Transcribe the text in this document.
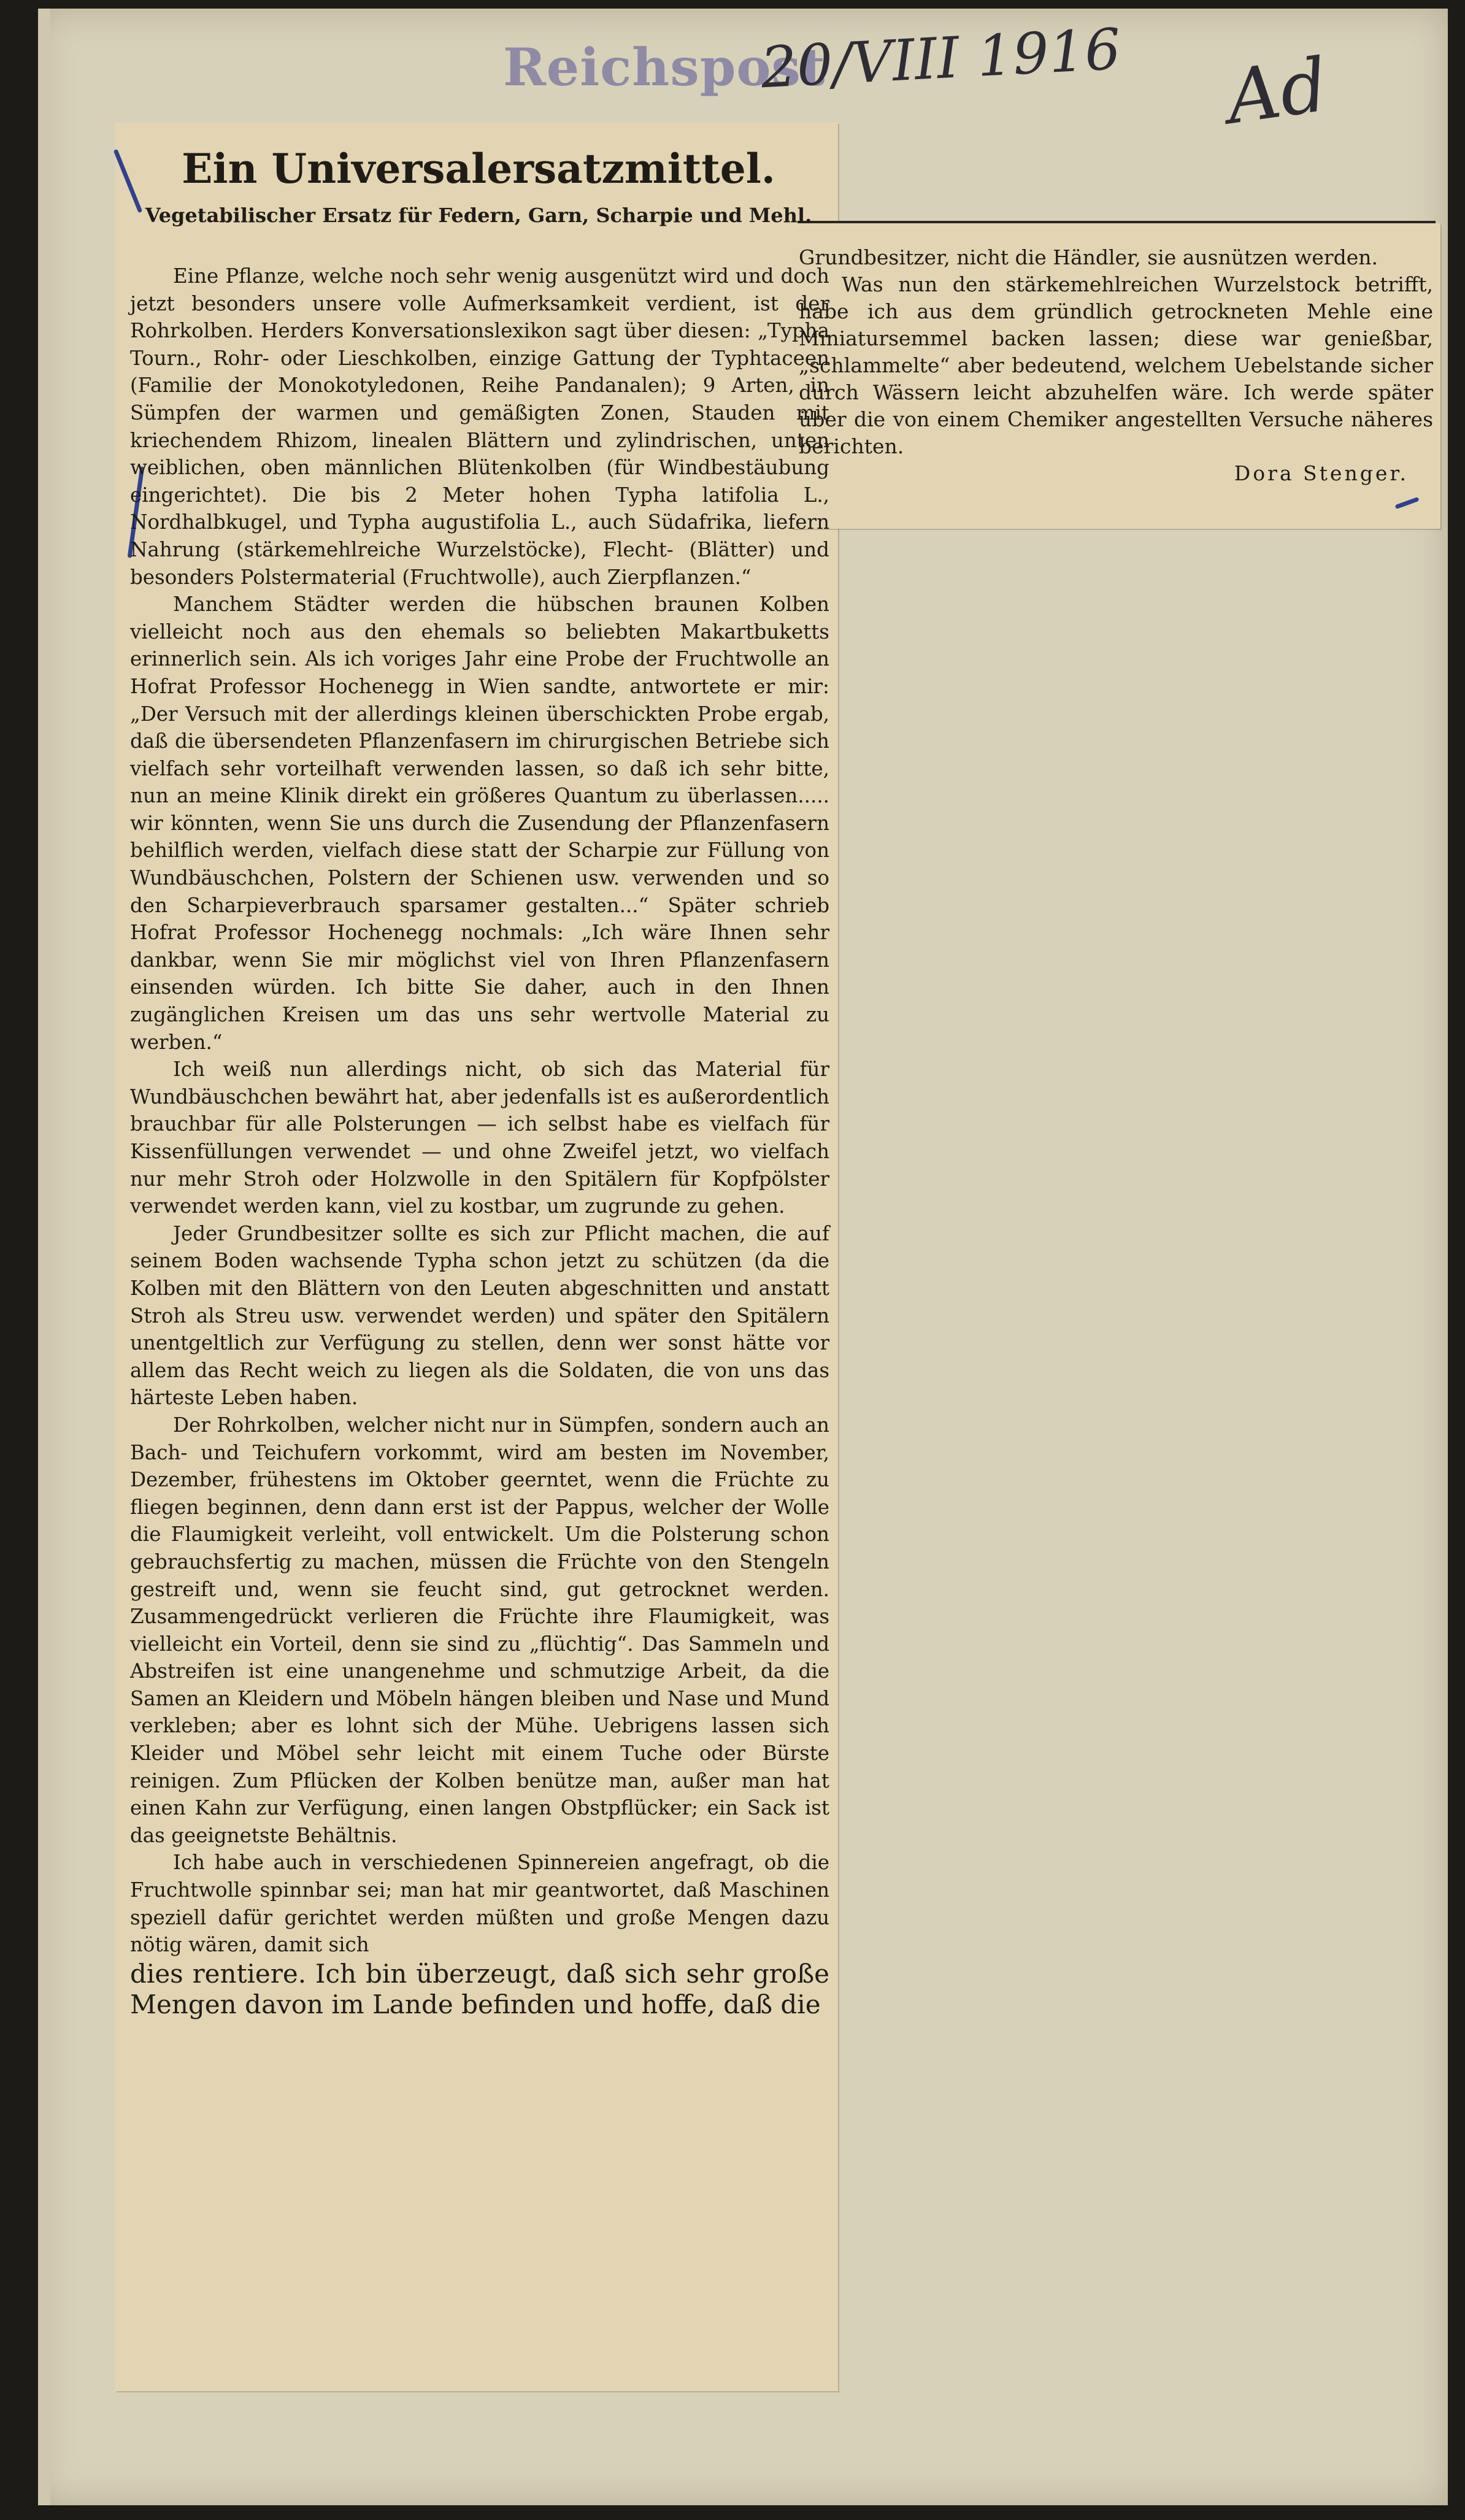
Reichspost
20/VIII 1916 Ad
Ein Universalersatzmittel.
Vegetabilischer Ersatz für Federn, Garn, Scharpie und Mehl.

Eine Pflanze, welche noch sehr wenig ausgenützt wird und doch jetzt besonders unsere volle Aufmerksamkeit verdient, ist der Rohrkolben. Herders Konversationslexikon sagt über diesen: „Typha Tourn., Rohr- oder Lieschkolben, einzige Gattung der Typhtaceen (Familie der Monokotyledonen, Reihe Pandanalen); 9 Arten, in Sümpfen der warmen und gemäßigten Zonen, Stauden mit kriechendem Rhizom, linealen Blättern und zylindrischen, unten weiblichen, oben männlichen Blütenkolben (für Windbestäubung eingerichtet). Die bis 2 Meter hohen Typha latifolia L., Nordhalbkugel, und Typha augustifolia L., auch Südafrika, liefern Nahrung (stärkemehlreiche Wurzelstöcke), Flecht- (Blätter) und besonders Polstermaterial (Fruchtwolle), auch Zierpflanzen.“

Manchem Städter werden die hübschen braunen Kolben vielleicht noch aus den ehemals so beliebten Makartbuketts erinnerlich sein. Als ich voriges Jahr eine Probe der Fruchtwolle an Hofrat Professor Hochenegg in Wien sandte, antwortete er mir: „Der Versuch mit der allerdings kleinen überschickten Probe ergab, daß die übersendeten Pflanzenfasern im chirurgischen Betriebe sich vielfach sehr vorteilhaft verwenden lassen, so daß ich sehr bitte, nun an meine Klinik direkt ein größeres Quantum zu überlassen..... wir könnten, wenn Sie uns durch die Zusendung der Pflanzenfasern behilflich werden, vielfach diese statt der Scharpie zur Füllung von Wundbäuschchen, Polstern der Schienen usw. verwenden und so den Scharpieverbrauch sparsamer gestalten...“ Später schrieb Hofrat Professor Hochenegg nochmals: „Ich wäre Ihnen sehr dankbar, wenn Sie mir möglichst viel von Ihren Pflanzenfasern einsenden würden. Ich bitte Sie daher, auch in den Ihnen zugänglichen Kreisen um das uns sehr wertvolle Material zu werben.“

Ich weiß nun allerdings nicht, ob sich das Material für Wundbäuschchen bewährt hat, aber jedenfalls ist es außerordentlich brauchbar für alle Polsterungen — ich selbst habe es vielfach für Kissenfüllungen verwendet — und ohne Zweifel jetzt, wo vielfach nur mehr Stroh oder Holzwolle in den Spitälern für Kopfpölster verwendet werden kann, viel zu kostbar, um zugrunde zu gehen.

Jeder Grundbesitzer sollte es sich zur Pflicht machen, die auf seinem Boden wachsende Typha schon jetzt zu schützen (da die Kolben mit den Blättern von den Leuten abgeschnitten und anstatt Stroh als Streu usw. verwendet werden) und später den Spitälern unentgeltlich zur Verfügung zu stellen, denn wer sonst hätte vor allem das Recht weich zu liegen als die Soldaten, die von uns das härteste Leben haben.

Der Rohrkolben, welcher nicht nur in Sümpfen, sondern auch an Bach- und Teichufern vorkommt, wird am besten im November, Dezember, frühestens im Oktober geerntet, wenn die Früchte zu fliegen beginnen, denn dann erst ist der Pappus, welcher der Wolle die Flaumigkeit verleiht, voll entwickelt. Um die Polsterung schon gebrauchsfertig zu machen, müssen die Früchte von den Stengeln gestreift und, wenn sie feucht sind, gut getrocknet werden. Zusammengedrückt verlieren die Früchte ihre Flaumigkeit, was vielleicht ein Vorteil, denn sie sind zu „flüchtig“. Das Sammeln und Abstreifen ist eine unangenehme und schmutzige Arbeit, da die Samen an Kleidern und Möbeln hängen bleiben und Nase und Mund verkleben; aber es lohnt sich der Mühe. Uebrigens lassen sich Kleider und Möbel sehr leicht mit einem Tuche oder Bürste reinigen. Zum Pflücken der Kolben benütze man, außer man hat einen Kahn zur Verfügung, einen langen Obstpflücker; ein Sack ist das geeignetste Behältnis.

Ich habe auch in verschiedenen Spinnereien angefragt, ob die Fruchtwolle spinnbar sei; man hat mir geantwortet, daß Maschinen speziell dafür gerichtet werden müßten und große Mengen dazu nötig wären, damit sich

dies rentiere. Ich bin überzeugt, daß sich sehr große Mengen davon im Lande befinden und hoffe, daß die

Grundbesitzer, nicht die Händler, sie ausnützen werden.

Was nun den stärkemehlreichen Wurzelstock betrifft, habe ich aus dem gründlich getrockneten Mehle eine Miniatursemmel backen lassen; diese war genießbar, „schlammelte“ aber bedeutend, welchem Uebelstande sicher durch Wässern leicht abzuhelfen wäre. Ich werde später über die von einem Chemiker angestellten Versuche näheres berichten.

Dora Stenger.
